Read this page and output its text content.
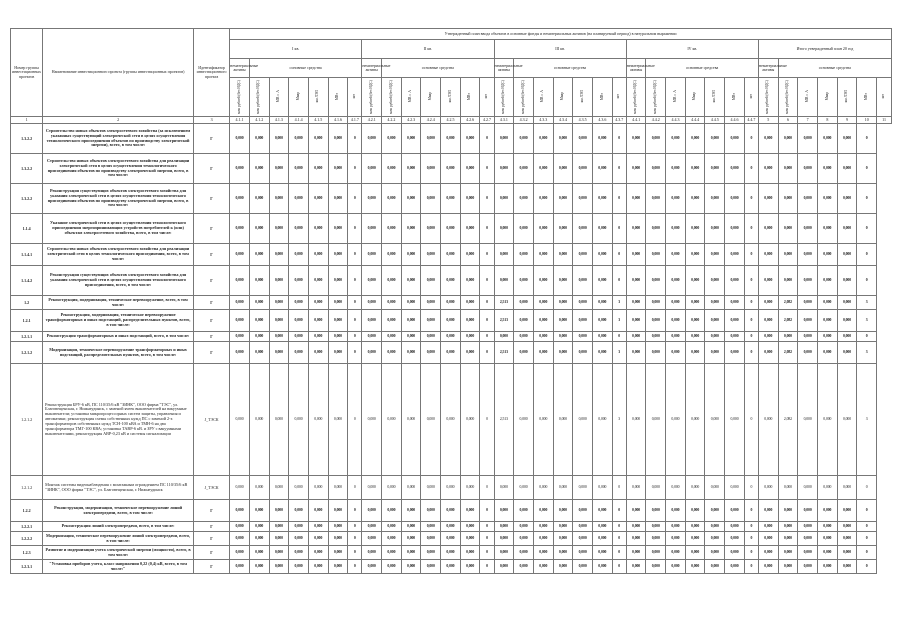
Номер группы инвестиционных проектов	Наименование инвестиционного проекта (группы инвестиционных проектов)	Идентификатор инвестиционного проекта	Утвержденный план ввода объектов в основные фонды и нематериальных активов (на планируемый период) в натуральном выражении																																		
			I кв.							II кв.							III кв.							IV кв.							Итого утвержденный план 20 год						
			нематериальные активы	основные средства						нематериальные активы	основные средства						нематериальные активы	основные средства						нематериальные активы	основные средства						нематериальные активы	основные средства					
			млн рублей (без НДС)	млн рублей (без НДС)	МВ×А	Мвар	км ЛЭП	МВт	шт	млн рублей (без НДС)	млн рублей (без НДС)	МВ×А	Мвар	км ЛЭП	МВт	шт	млн рублей (без НДС)	млн рублей (без НДС)	МВ×А	Мвар	км ЛЭП	МВт	шт	млн рублей (без НДС)	млн рублей (без НДС)	МВ×А	Мвар	км ЛЭП	МВт	шт	млн рублей (без НДС)	млн рублей (без НДС)	МВ×А	Мвар	км ЛЭП	МВт	шт
1	2	3	4.1.1	4.1.2	4.1.3	4.1.4	4.1.5	4.1.6	4.1.7	4.2.1	4.2.2	4.2.3	4.2.4	4.2.5	4.2.6	4.2.7	4.3.1	4.3.2	4.3.3	4.3.4	4.3.5	4.3.6	4.3.7	4.4.1	4.4.2	4.4.3	4.4.4	4.4.5	4.4.6	4.4.7	5	6	7	8	9	10	11
1.3.2.2	Строительство новых объектов электросетевого хозяйства (за исключением указанных существующий электрической сети в целях осуществления технологического присоединения объектов по производству электрической энергии), всего, в том числе:	Г	0,000	0,000	0,000	0,000	0,000	0,000	0	0,000	0,000	0,000	0,000	0,000	0,000	0	0,000	0,000	0,000	0,000	0,000	0,000	0	0,000	0,000	0,000	0,000	0,000	0,000	0	0,000	0,000	0,000	0,000	0,000	0	
1.3.2.2	Строительство новых объектов электросетевого хозяйства для реализации электрической сети в целях осуществления технологического присоединения объектов по производству электрической энергии, всего, в том числе:	Г	0,000	0,000	0,000	0,000	0,000	0,000	0	0,000	0,000	0,000	0,000	0,000	0,000	0	0,000	0,000	0,000	0,000	0,000	0,000	0	0,000	0,000	0,000	0,000	0,000	0,000	0	0,000	0,000	0,000	0,000	0,000	0	
1.3.2.2	Реконструкция существующих объектов электросетевого хозяйства для указания электрической сети в целях осуществления технологического присоединения объектов по производству электрической энергии, всего, в том числе:	Г	0,000	0,000	0,000	0,000	0,000	0,000	0	0,000	0,000	0,000	0,000	0,000	0,000	0	0,000	0,000	0,000	0,000	0,000	0,000	0	0,000	0,000	0,000	0,000	0,000	0,000	0	0,000	0,000	0,000	0,000	0,000	0	
1.1.4	Указание электрической сети в целях осуществления технологического присоединения энергопринимающих устройств потребителей к (или) объектам электросетевого хозяйства, всего, в том числе:	Г	0,000	0,000	0,000	0,000	0,000	0,000	0	0,000	0,000	0,000	0,000	0,000	0,000	0	0,000	0,000	0,000	0,000	0,000	0,000	0	0,000	0,000	0,000	0,000	0,000	0,000	0	0,000	0,000	0,000	0,000	0,000	0	
1.1.4.1	Строительство новых объектов электросетевого хозяйства для реализации электрической сети в целях технологического присоединения, всего, в том числе:	Г	0,000	0,000	0,000	0,000	0,000	0,000	0	0,000	0,000	0,000	0,000	0,000	0,000	0	0,000	0,000	0,000	0,000	0,000	0,000	0	0,000	0,000	0,000	0,000	0,000	0,000	0	0,000	0,000	0,000	0,000	0,000	0	
1.1.4.2	Реконструкция существующих объектов электросетевого хозяйства для указания электрической сети в целях осуществления технологического присоединения, всего, в том числе:	Г	0,000	0,000	0,000	0,000	0,000	0,000	0	0,000	0,000	0,000	0,000	0,000	0,000	0	0,000	0,000	0,000	0,000	0,000	0,000	0	0,000	0,000	0,000	0,000	0,000	0,000	0	0,000	0,000	0,000	0,000	0,000	0	
1.2	Реконструкция, модернизация, техническое перевооружение, всего, в том числе:	Г	0,000	0,000	0,000	0,000	0,000	0,000	0	0,000	0,000	0,000	0,000	0,000	0,000	0	2,513	0,000	0,000	0,000	0,000	0,000	3	0,000	0,000	0,000	0,000	0,000	0,000	0	0,000	2,082	0,000	0,000	0,000	3	
1.2.1	Реконструкция, модернизация, техническое перевооружение трансформаторных и иных подстанций, распределительных пунктов, всего, в том числе:	Г	0,000	0,000	0,000	0,000	0,000	0,000	0	0,000	0,000	0,000	0,000	0,000	0,000	0	2,513	0,000	0,000	0,000	0,000	0,000	3	0,000	0,000	0,000	0,000	0,000	0,000	0	0,000	2,082	0,000	0,000	0,000	3	
1.2.1.1	Реконструкция трансформаторных и иных подстанций, всего, в том числе:	Г	0,000	0,000	0,000	0,000	0,000	0,000	0	0,000	0,000	0,000	0,000	0,000	0,000	0	0,000	0,000	0,000	0,000	0,000	0,000	0	0,000	0,000	0,000	0,000	0,000	0,000	0	0,000	0,000	0,000	0,000	0,000	0	
1.2.1.2	Модернизация, техническое перевооружение трансформаторных и иных подстанций, распределительных пунктов, всего, в том числе:	Г	0,000	0,000	0,000	0,000	0,000	0,000	0	0,000	0,000	0,000	0,000	0,000	0,000	0	2,513	0,000	0,000	0,000	0,000	0,000	3	0,000	0,000	0,000	0,000	0,000	0,000	0	0,000	2,082	0,000	0,000	0,000	3	
1.2.1.2	Реконструкция БРУ-6 кВ, ПС 110/35/6 кВ "ЗИНК", ООО фирма "ТЭС", ул. Благовещенская, г. Нижнеудинск, с заменой ячеек выключателей на вакуумные выключатели; установка микропроцессорных систем защиты, управления и автоматики; реконструкция схемы собственных нужд ПС с заменой 2-х трансформаторов собственных нужд ТСН-100 кВА и ТМН-6 на два трансформатора ТМГ-100 КВА; установка ТАВР-6 кВ. и ЗРУ с вакуумными выключателями, реконструкция АВР-0,23 кВ и системы сигнализации	J_ТЭСК	0,000	0,000	0,000	0,000	0,000	0,000	0	0,000	0,000	0,000	0,000	0,000	0,000	0	2,513	0,000	0,000	0,000	0,000	0,000	3	0,000	0,000	0,000	0,000	0,000	0,000	0	0,000	2,082	0,000	0,000	0,000	3	
1.2.1.2	Монтаж системы видеонаблюдения с монтажным ограждением ПС 110/35/6 кВ "ЗИНК", ООО фирма "ТЭС", ул. Благовещенская, г. Нижнеудинск	J_ТЭСК	0,000	0,000	0,000	0,000	0,000	0,000	0	0,000	0,000	0,000	0,000	0,000	0,000	0	0,000	0,000	0,000	0,000	0,000	0,000	0	0,000	0,000	0,000	0,000	0,000	0,000	0	0,000	0,000	0,000	0,000	0,000	0	
1.2.2	Реконструкция, модернизация, техническое перевооружение линий электропередачи, всего, в том числе:	Г	0,000	0,000	0,000	0,000	0,000	0,000	0	0,000	0,000	0,000	0,000	0,000	0,000	0	0,000	0,000	0,000	0,000	0,000	0,000	0	0,000	0,000	0,000	0,000	0,000	0,000	0	0,000	0,000	0,000	0,000	0,000	0	
1.2.2.1	Реконструкция линий электропередачи, всего, в том числе:	Г	0,000	0,000	0,000	0,000	0,000	0,000	0	0,000	0,000	0,000	0,000	0,000	0,000	0	0,000	0,000	0,000	0,000	0,000	0,000	0	0,000	0,000	0,000	0,000	0,000	0,000	0	0,000	0,000	0,000	0,000	0,000	0	
1.2.2.2	Модернизация, техническое перевооружение линий электропередачи, всего, в том числе:	Г	0,000	0,000	0,000	0,000	0,000	0,000	0	0,000	0,000	0,000	0,000	0,000	0,000	0	0,000	0,000	0,000	0,000	0,000	0,000	0	0,000	0,000	0,000	0,000	0,000	0,000	0	0,000	0,000	0,000	0,000	0,000	0	
1.2.3	Развитие и модернизация учета электрической энергии (мощности), всего, в том числе:	Г	0,000	0,000	0,000	0,000	0,000	0,000	0	0,000	0,000	0,000	0,000	0,000	0,000	0	0,000	0,000	0,000	0,000	0,000	0,000	0	0,000	0,000	0,000	0,000	0,000	0,000	0	0,000	0,000	0,000	0,000	0,000	0	
1.2.3.1	"Установка приборов учета, класс напряжения 0,22 (0,4) кВ, всего, в том числе:"	Г	0,000	0,000	0,000	0,000	0,000	0,000	0	0,000	0,000	0,000	0,000	0,000	0,000	0	0,000	0,000	0,000	0,000	0,000	0,000	0	0,000	0,000	0,000	0,000	0,000	0,000	0	0,000	0,000	0,000	0,000	0,000	0	
